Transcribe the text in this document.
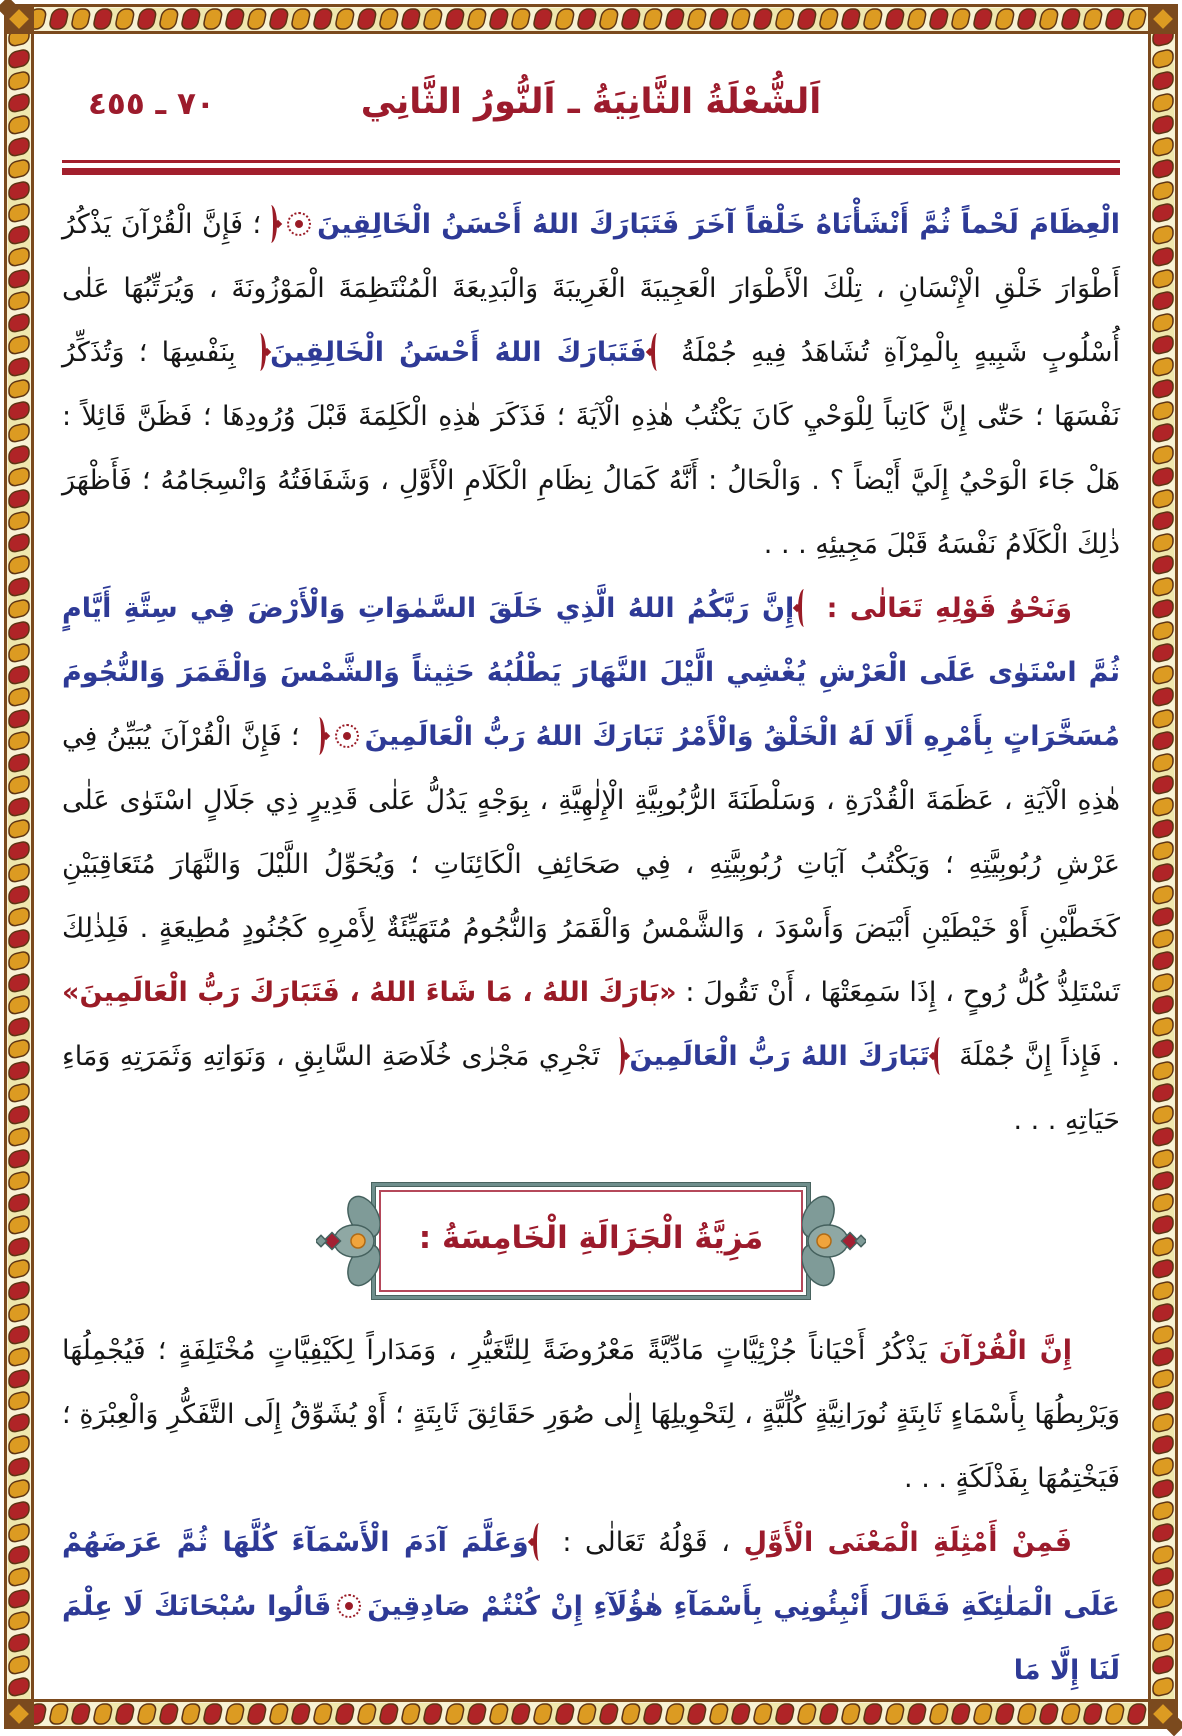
٧٠ ـ ٤٥٥	اَلشُّعْلَةُ الثَّانِيَةُ ـ اَلنُّورُ الثَّانِي

الْعِظَامَ لَحْماً ثُمَّ أَنْشَأْنَاهُ خَلْقاً آخَرَ فَتَبَارَكَ اللهُ أَحْسَنُ الْخَالِقِينَ؛ فَإِنَّ الْقُرْآنَ يَذْكُرُ أَطْوَارَ خَلْقِ الْإِنْسَانِ ، تِلْكَ الْأَطْوَارَ الْعَجِيبَةَ الْغَرِيبَةَ وَالْبَدِيعَةَ الْمُنْتَظِمَةَ الْمَوْزُونَةَ ، وَيُرَتِّبُهَا عَلٰى أُسْلُوبٍ شَبِيهٍ بِالْمِرْآةِ تُشَاهَدُ فِيهِ جُمْلَةُ فَتَبَارَكَ اللهُ أَحْسَنُ الْخَالِقِينَ بِنَفْسِهَا ؛ وَتُذَكِّرُ نَفْسَهَا ؛ حَتّٰى إِنَّ كَاتِباً لِلْوَحْيِ كَانَ يَكْتُبُ هٰذِهِ الْآيَةَ ؛ فَذَكَرَ هٰذِهِ الْكَلِمَةَ قَبْلَ وُرُودِهَا ؛ فَظَنَّ قَائِلاً : هَلْ جَاءَ الْوَحْيُ إِلَيَّ أَيْضاً ؟ . وَالْحَالُ : أَنَّهُ كَمَالُ نِظَامِ الْكَلَامِ الْأَوَّلِ ، وَشَفَافَتُهُ وَانْسِجَامُهُ ؛ فَأَظْهَرَ ذٰلِكَ الْكَلَامُ نَفْسَهُ قَبْلَ مَجِيئِهِ . . .

وَنَحْوُ قَوْلِهِ تَعَالٰى : إِنَّ رَبَّكُمُ اللهُ الَّذِي خَلَقَ السَّمٰوَاتِ وَالْأَرْضَ فِي سِتَّةِ أَيَّامٍ ثُمَّ اسْتَوٰى عَلَى الْعَرْشِ يُغْشِي الَّيْلَ النَّهَارَ يَطْلُبُهُ حَثِيثاً وَالشَّمْسَ وَالْقَمَرَ وَالنُّجُومَ مُسَخَّرَاتٍ بِأَمْرِهِ أَلَا لَهُ الْخَلْقُ وَالْأَمْرُ تَبَارَكَ اللهُ رَبُّ الْعَالَمِينَ ؛ فَإِنَّ الْقُرْآنَ يُبَيِّنُ فِي هٰذِهِ الْآيَةِ ، عَظَمَةَ الْقُدْرَةِ ، وَسَلْطَنَةَ الرُّبُوبِيَّةِ الْإِلٰهِيَّةِ ، بِوَجْهٍ يَدُلُّ عَلٰى قَدِيرٍ ذِي جَلَالٍ اسْتَوٰى عَلٰى عَرْشِ رُبُوبِيَّتِهِ ؛ وَيَكْتُبُ آيَاتِ رُبُوبِيَّتِهِ ، فِي صَحَائِفِ الْكَائِنَاتِ ؛ وَيُحَوِّلُ اللَّيْلَ وَالنَّهَارَ مُتَعَاقِبَيْنِ كَخَطَّيْنِ أَوْ خَيْطَيْنِ أَبْيَضَ وَأَسْوَدَ ، وَالشَّمْسُ وَالْقَمَرُ وَالنُّجُومُ مُتَهَيِّئَةٌ لِأَمْرِهِ كَجُنُودٍ مُطِيعَةٍ . فَلِذٰلِكَ تَسْتَلِذُّ كُلُّ رُوحٍ ، إِذَا سَمِعَتْهَا ، أَنْ تَقُولَ : «بَارَكَ اللهُ ، مَا شَاءَ اللهُ ، فَتَبَارَكَ رَبُّ الْعَالَمِينَ» . فَإِذاً إِنَّ جُمْلَةَ تَبَارَكَ اللهُ رَبُّ الْعَالَمِينَ تَجْرِي مَجْرٰى خُلَاصَةِ السَّابِقِ ، وَنَوَاتِهِ وَثَمَرَتِهِ وَمَاءِ حَيَاتِهِ . . .

مَزِيَّةُ الْجَزَالَةِ الْخَامِسَةُ :

إِنَّ الْقُرْآنَ يَذْكُرُ أَحْيَاناً جُزْئِيَّاتٍ مَادِّيَّةً مَعْرُوضَةً لِلتَّغَيُّرِ ، وَمَدَاراً لِكَيْفِيَّاتٍ مُخْتَلِفَةٍ ؛ فَيُجْمِلُهَا وَيَرْبِطُهَا بِأَسْمَاءٍ ثَابِتَةٍ نُورَانِيَّةٍ كُلِّيَّةٍ ، لِتَحْوِيلِهَا إِلٰى صُوَرِ حَقَائِقَ ثَابِتَةٍ ؛ أَوْ يُشَوِّقُ إِلَى التَّفَكُّرِ وَالْعِبْرَةِ ؛ فَيَخْتِمُهَا بِفَذْلَكَةٍ . . .

فَمِنْ أَمْثِلَةِ الْمَعْنَى الْأَوَّلِ ، قَوْلُهُ تَعَالٰى : وَعَلَّمَ آدَمَ الْأَسْمَآءَ كُلَّهَا ثُمَّ عَرَضَهُمْ عَلَى الْمَلٰئِكَةِ فَقَالَ أَنْبِئُونِي بِأَسْمَآءِ هٰؤُلَآءِ إِنْ كُنْتُمْ صَادِقِينَقَالُوا سُبْحَانَكَ لَا عِلْمَ لَنَا إِلَّا مَا
